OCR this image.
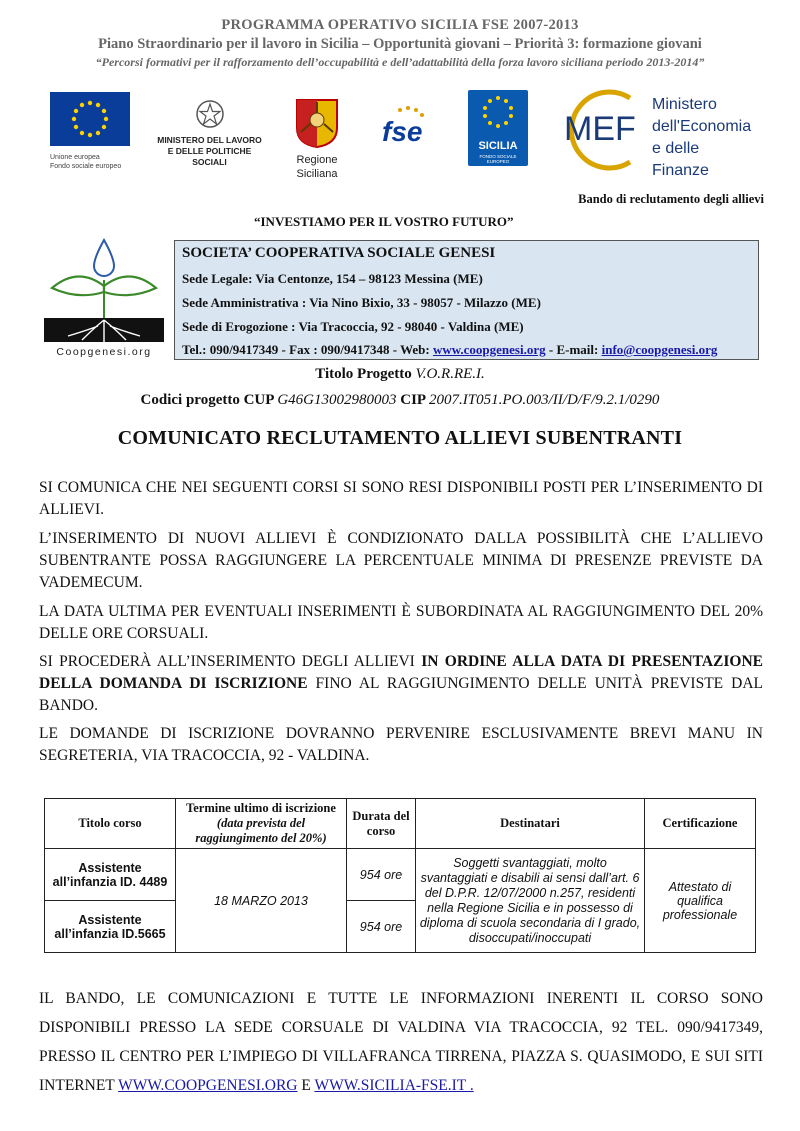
PROGRAMMA OPERATIVO SICILIA FSE 2007-2013
Piano Straordinario per il lavoro in Sicilia – Opportunità giovani – Priorità 3: formazione giovani
“Percorsi formativi per il rafforzamento dell’occupabilità e dell’adattabilità della forza lavoro siciliana periodo 2013-2014”
Unione europea
Fondo sociale europeo
MINISTERO DEL LAVORO
E DELLE POLITICHE SOCIALI	Regione
Siciliana
fse	SICILIA
FONDO SOCIALE EUROPEO
MEF
Ministero
dell'Economia
e delle Finanze
Bando di reclutamento degli allievi
“INVESTIAMO PER IL VOSTRO FUTURO”
Coopgenesi.org
SOCIETA’ COOPERATIVA SOCIALE GENESI
Sede Legale: Via Centonze, 154 – 98123 Messina (ME)
Sede Amministrativa : Via Nino Bixio, 33 - 98057 - Milazzo (ME)
Sede di Erogozione : Via Tracoccia, 92 - 98040 - Valdina (ME)
Tel.: 090/9417349 - Fax : 090/9417348 - Web: www.coopgenesi.org - E-mail: info@coopgenesi.org
Titolo Progetto V.O.R.RE.I.
Codici progetto CUP G46G13002980003 CIP 2007.IT051.PO.003/II/D/F/9.2.1/0290
COMUNICATO RECLUTAMENTO ALLIEVI SUBENTRANTI
SI COMUNICA CHE NEI SEGUENTI CORSI SI SONO RESI DISPONIBILI POSTI PER L’INSERIMENTO DI ALLIEVI.
L’INSERIMENTO DI NUOVI ALLIEVI È CONDIZIONATO DALLA POSSIBILITÀ CHE L’ALLIEVO SUBENTRANTE POSSA RAGGIUNGERE LA PERCENTUALE MINIMA DI PRESENZE PREVISTE DA VADEMECUM.
LA DATA ULTIMA PER EVENTUALI INSERIMENTI È SUBORDINATA AL RAGGIUNGIMENTO DEL 20% DELLE ORE CORSUALI.
SI PROCEDERÀ ALL’INSERIMENTO DEGLI ALLIEVI IN ORDINE ALLA DATA DI PRESENTAZIONE DELLA DOMANDA DI ISCRIZIONE FINO AL RAGGIUNGIMENTO DELLE UNITÀ PREVISTE DAL BANDO.
LE DOMANDE DI ISCRIZIONE DOVRANNO PERVENIRE ESCLUSIVAMENTE BREVI MANU IN SEGRETERIA, VIA TRACOCCIA, 92 - VALDINA.
Titolo corso	Termine ultimo di iscrizione (data prevista del raggiungimento del 20%)	Durata del corso	Destinatari	Certificazione
Assistente all’infanzia ID. 4489	18 MARZO 2013	954 ore	Soggetti svantaggiati, molto svantaggiati e disabili ai sensi dall’art. 6 del D.P.R. 12/07/2000 n.257, residenti nella Regione Sicilia e in possesso di diploma di scuola secondaria di I grado, disoccupati/inoccupati	Attestato di qualifica professionale
Assistente all’infanzia ID.5665		954 ore		
IL BANDO, LE COMUNICAZIONI E TUTTE LE INFORMAZIONI INERENTI IL CORSO SONO DISPONIBILI PRESSO LA SEDE CORSUALE DI VALDINA VIA TRACOCCIA, 92 TEL. 090/9417349, PRESSO IL CENTRO PER L’IMPIEGO DI VILLAFRANCA TIRRENA, PIAZZA S. QUASIMODO, E SUI SITI INTERNET WWW.COOPGENESI.ORG E WWW.SICILIA-FSE.IT .
